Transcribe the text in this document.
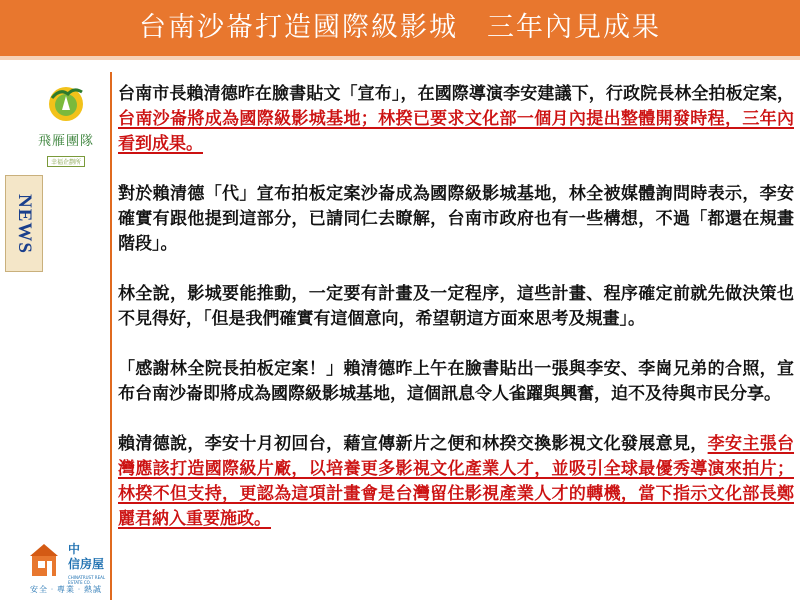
台南沙崙打造國際級影城　三年內見成果
飛雁團隊
幸福企劃所
NEWS

台南市長賴清德昨在臉書貼文「宣布」，在國際導演李安建議下，行政院長林全拍板定案，台南沙崙將成為國際級影城基地；林揆已要求文化部一個月內提出整體開發時程，三年內看到成果。

對於賴清德「代」宣布拍板定案沙崙成為國際級影城基地，林全被媒體詢問時表示，李安確實有跟他提到這部分，已請同仁去瞭解，台南市政府也有一些構想，不過「都還在規畫階段」。

林全說，影城要能推動，一定要有計畫及一定程序，這些計畫、程序確定前就先做決策也不見得好，「但是我們確實有這個意向，希望朝這方面來思考及規畫」。

「感謝林全院長拍板定案！」賴清德昨上午在臉書貼出一張與李安、李崗兄弟的合照，宣布台南沙崙即將成為國際級影城基地，這個訊息令人雀躍與興奮，迫不及待與市民分享。

賴清德說，李安十月初回台，藉宣傳新片之便和林揆交換影視文化發展意見，李安主張台灣應該打造國際級片廠，以培養更多影視文化產業人才，並吸引全球最優秀導演來拍片；林揆不但支持，更認為這項計畫會是台灣留住影視產業人才的轉機，當下指示文化部長鄭麗君納入重要施政。

中
信房屋
CHINATRUST REAL ESTATE CO.
安全‧專業‧熱誠
